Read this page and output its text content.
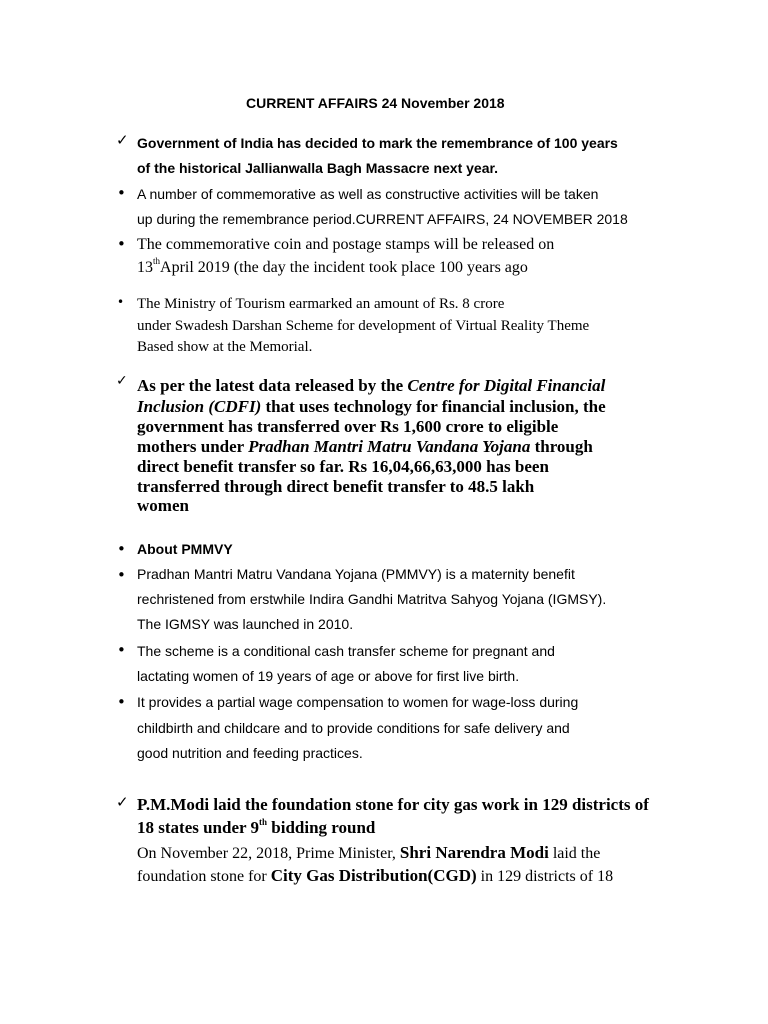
CURRENT AFFAIRS 24 November 2018
✓ Government of India has decided to mark the remembrance of 100 years
of the historical Jallianwalla Bagh Massacre next year.
• A number of commemorative as well as constructive activities will be taken
up during the remembrance period.CURRENT AFFAIRS, 24 NOVEMBER 2018
• The commemorative coin and postage stamps will be released on
13thApril 2019 (the day the incident took place 100 years ago
• The Ministry of Tourism earmarked an amount of Rs. 8 crore
under Swadesh Darshan Scheme for development of Virtual Reality Theme
Based show at the Memorial.
✓ As per the latest data released by the Centre for Digital Financial
Inclusion (CDFI) that uses technology for financial inclusion, the
government has transferred over Rs 1,600 crore to eligible
mothers under Pradhan Mantri Matru Vandana Yojana through
direct benefit transfer so far. Rs 16,04,66,63,000 has been
transferred through direct benefit transfer to 48.5 lakh
women
• About PMMVY
• Pradhan Mantri Matru Vandana Yojana (PMMVY) is a maternity benefit
rechristened from erstwhile Indira Gandhi Matritva Sahyog Yojana (IGMSY).
The IGMSY was launched in 2010.
• The scheme is a conditional cash transfer scheme for pregnant and
lactating women of 19 years of age or above for first live birth.
• It provides a partial wage compensation to women for wage-loss during
childbirth and childcare and to provide conditions for safe delivery and
good nutrition and feeding practices.
✓ P.M.Modi laid the foundation stone for city gas work in 129 districts of
18 states under 9th bidding round
On November 22, 2018, Prime Minister, Shri Narendra Modi laid the
foundation stone for City Gas Distribution(CGD) in 129 districts of 18
